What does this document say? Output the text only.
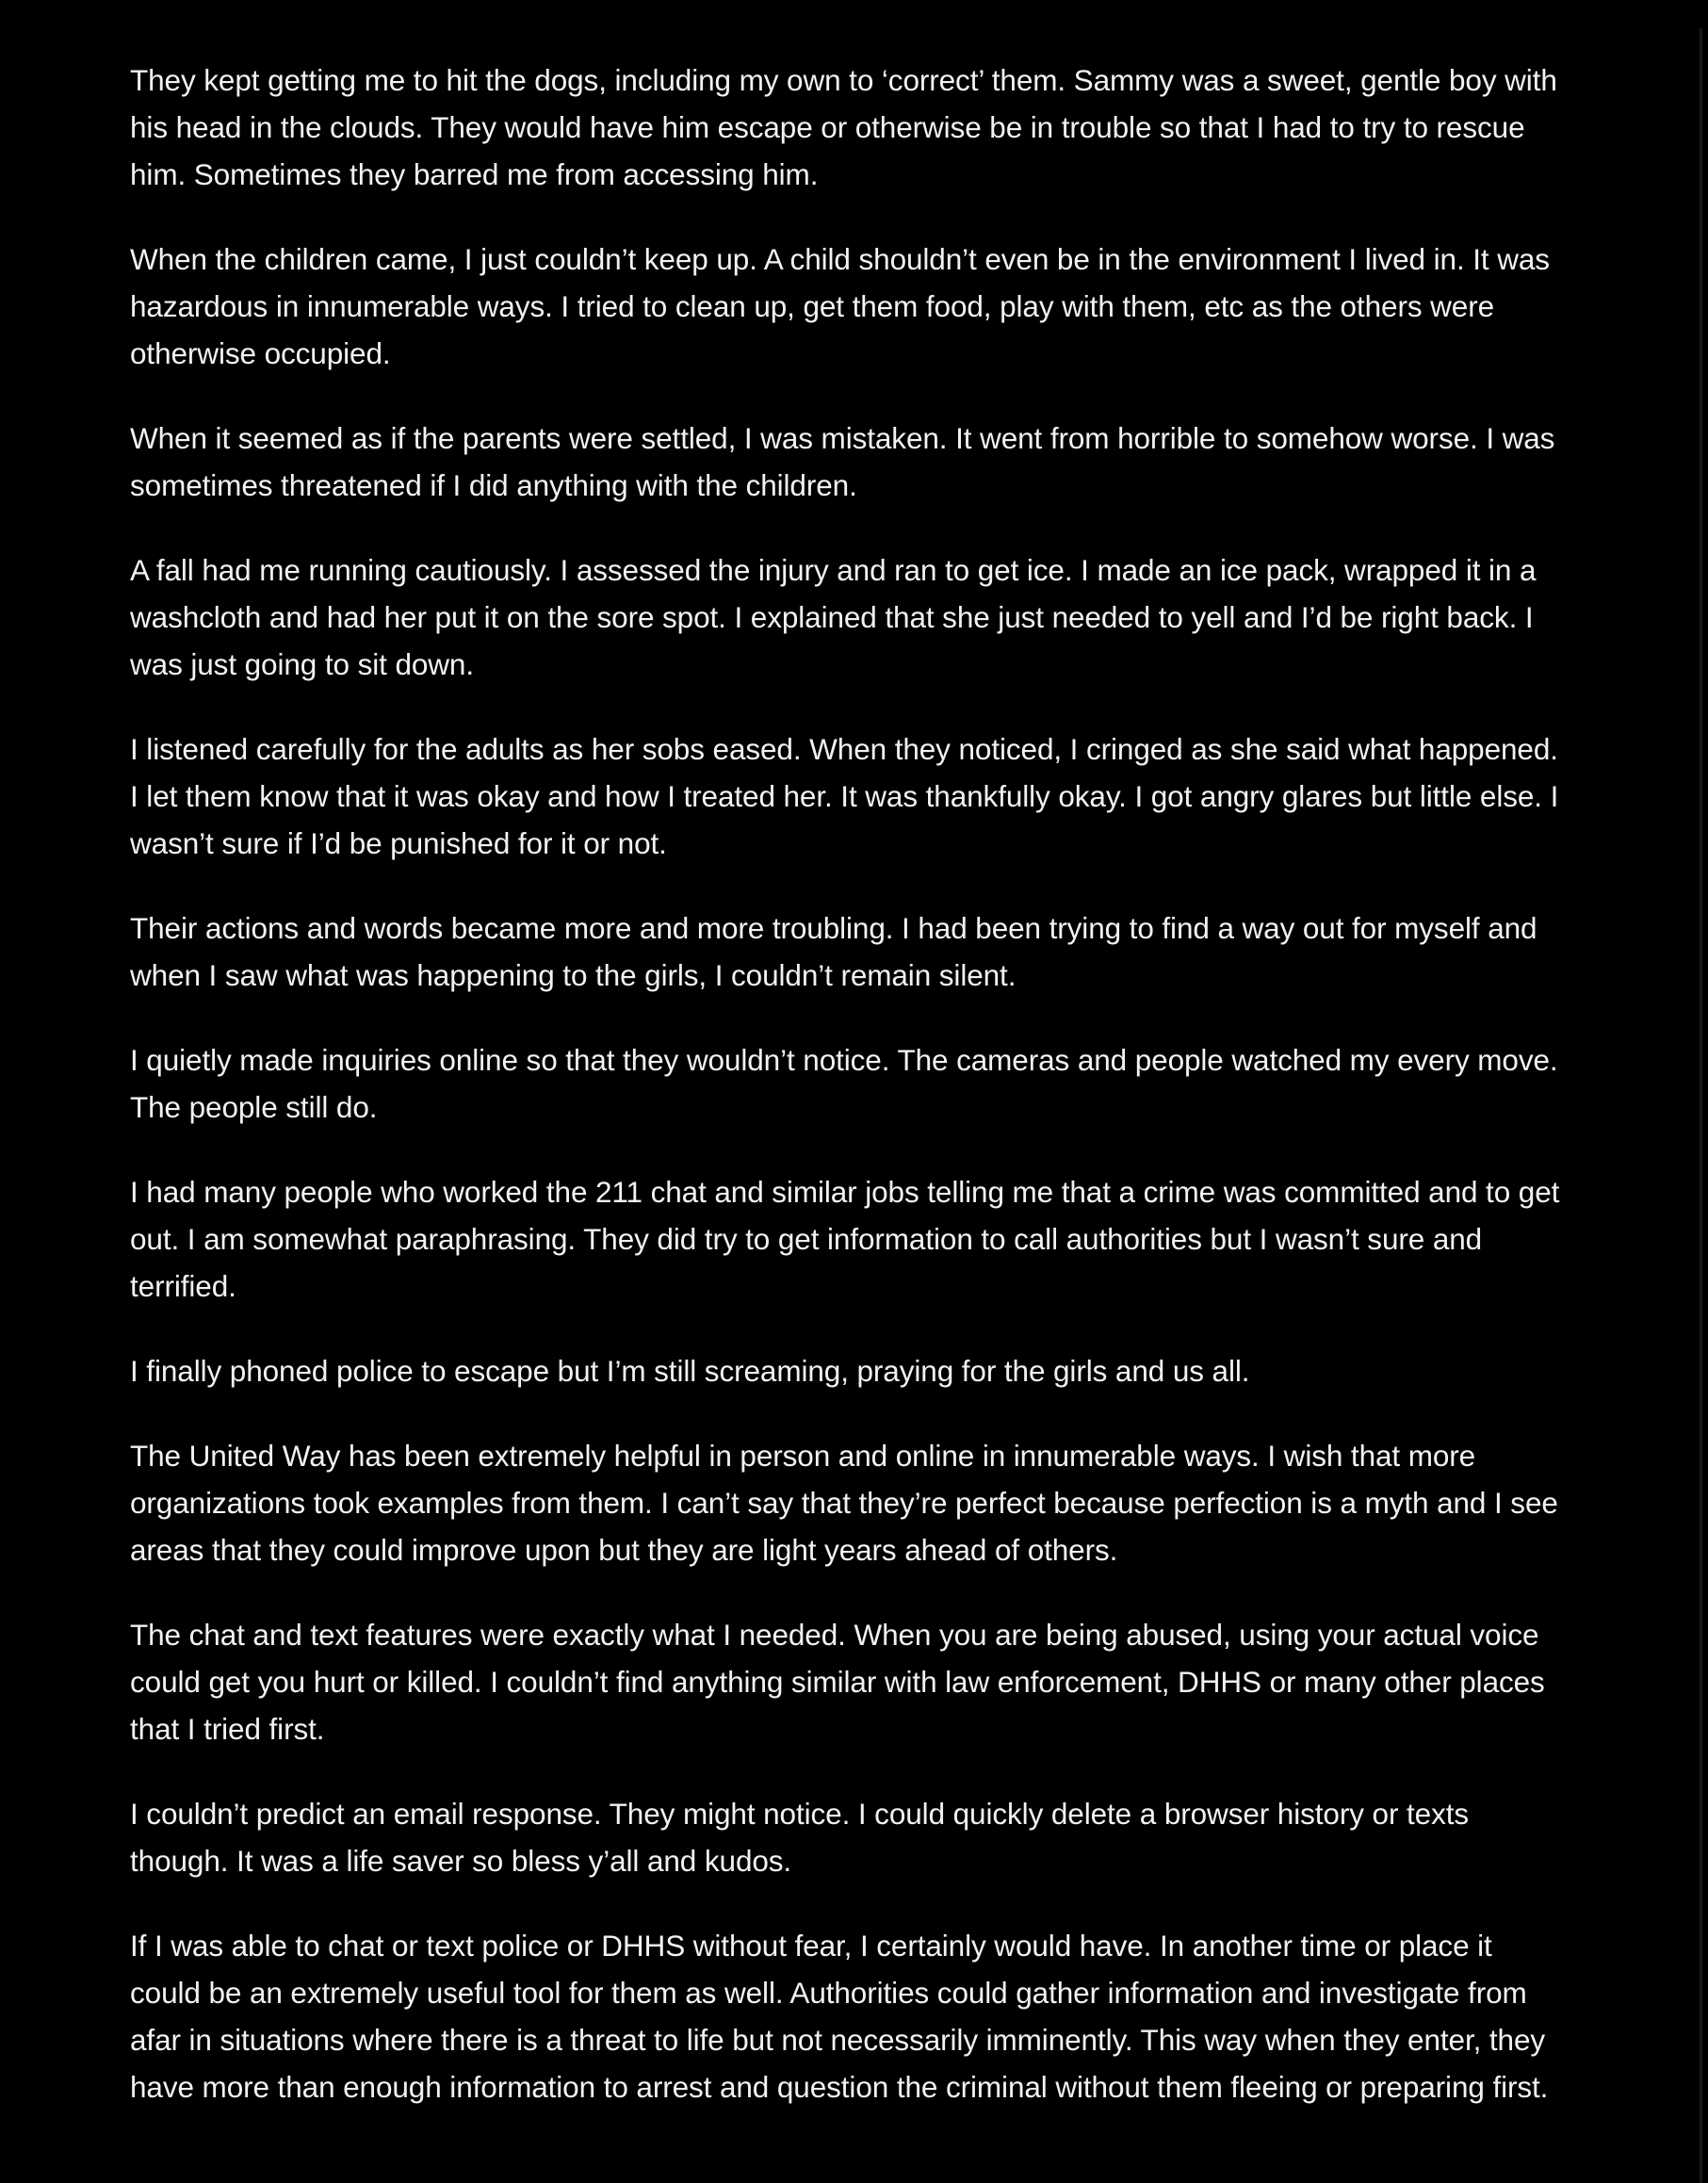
They kept getting me to hit the dogs, including my own to ‘correct’ them. Sammy was a sweet, gentle boy with his head in the clouds. They would have him escape or otherwise be in trouble so that I had to try to rescue him. Sometimes they barred me from accessing him.

When the children came, I just couldn’t keep up. A child shouldn’t even be in the environment I lived in. It was hazardous in innumerable ways. I tried to clean up, get them food, play with them, etc as the others were otherwise occupied.

When it seemed as if the parents were settled, I was mistaken. It went from horrible to somehow worse. I was sometimes threatened if I did anything with the children.

A fall had me running cautiously. I assessed the injury and ran to get ice. I made an ice pack, wrapped it in a washcloth and had her put it on the sore spot. I explained that she just needed to yell and I’d be right back. I was just going to sit down.

I listened carefully for the adults as her sobs eased. When they noticed, I cringed as she said what happened. I let them know that it was okay and how I treated her. It was thankfully okay. I got angry glares but little else. I wasn’t sure if I’d be punished for it or not.

Their actions and words became more and more troubling. I had been trying to find a way out for myself and when I saw what was happening to the girls, I couldn’t remain silent.

I quietly made inquiries online so that they wouldn’t notice. The cameras and people watched my every move. The people still do.

I had many people who worked the 211 chat and similar jobs telling me that a crime was committed and to get out. I am somewhat paraphrasing. They did try to get information to call authorities but I wasn’t sure and terrified.

I finally phoned police to escape but I’m still screaming, praying for the girls and us all.

The United Way has been extremely helpful in person and online in innumerable ways. I wish that more organizations took examples from them. I can’t say that they’re perfect because perfection is a myth and I see areas that they could improve upon but they are light years ahead of others.

The chat and text features were exactly what I needed. When you are being abused, using your actual voice could get you hurt or killed. I couldn’t find anything similar with law enforcement, DHHS or many other places that I tried first.

I couldn’t predict an email response. They might notice. I could quickly delete a browser history or texts though. It was a life saver so bless y’all and kudos.

If I was able to chat or text police or DHHS without fear, I certainly would have. In another time or place it could be an extremely useful tool for them as well. Authorities could gather information and investigate from afar in situations where there is a threat to life but not necessarily imminently. This way when they enter, they have more than enough information to arrest and question the criminal without them fleeing or preparing first.
